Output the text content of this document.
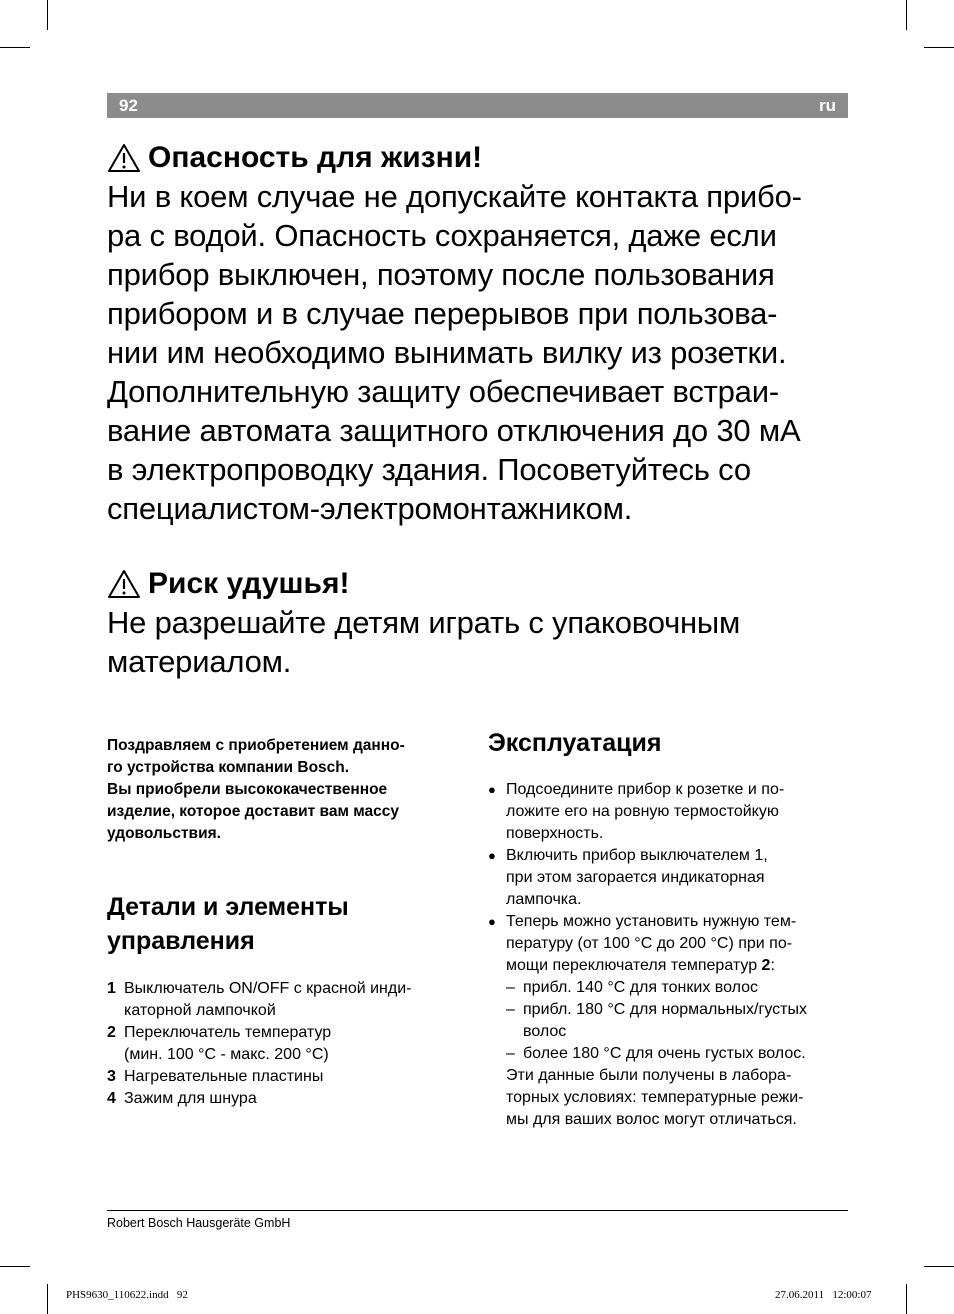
92	ru
Опасность для жизни!

Ни в коем случае не допускайте контакта прибо-
ра с водой. Опасность сохраняется, даже если
прибор выключен, поэтому после пользования
прибором и в случае перерывов при пользова-
нии им необходимо вынимать вилку из розетки.
Дополнительную защиту обеспечивает встраи-
вание автомата защитного отключения до 30 мА
в электропроводку здания. Посоветуйтесь со
специалистом-электромонтажником.

Риск удушья!

Не разрешайте детям играть с упаковочным
материалом.

Поздравляем с приобретением данно-
го устройства компании Bosch.
Вы приобрели высококачественное
изделие, которое доставит вам массу
удовольствия.

Детали и элементы
управления
1 Выключатель ON/OFF с красной инди-
каторной лампочкой
2 Переключатель температур
(мин. 100 °C - макс. 200 °C)
3 Нагревательные пластины
4 Зажим для шнура
Эксплуатация
● Подсоедините прибор к розетке и по-
ложите его на ровную термостойкую
поверхность.
● Включить прибор выключателем 1,
при этом загорается индикаторная
лампочка.
● Теперь можно установить нужную тем-
пературу (от 100 °C до 200 °C) при по-
мощи переключателя температур 2:
– прибл. 140 °C для тонких волос
– прибл. 180 °C для нормальных/густых
волос
– более 180 °C для очень густых волос.
Эти данные были получены в лабора-
торных условиях: температурные режи-
мы для ваших волос могут отличаться.
Robert Bosch Hausgeräte GmbH
PHS9630_110622.indd   92	27.06.2011   12:00:07
